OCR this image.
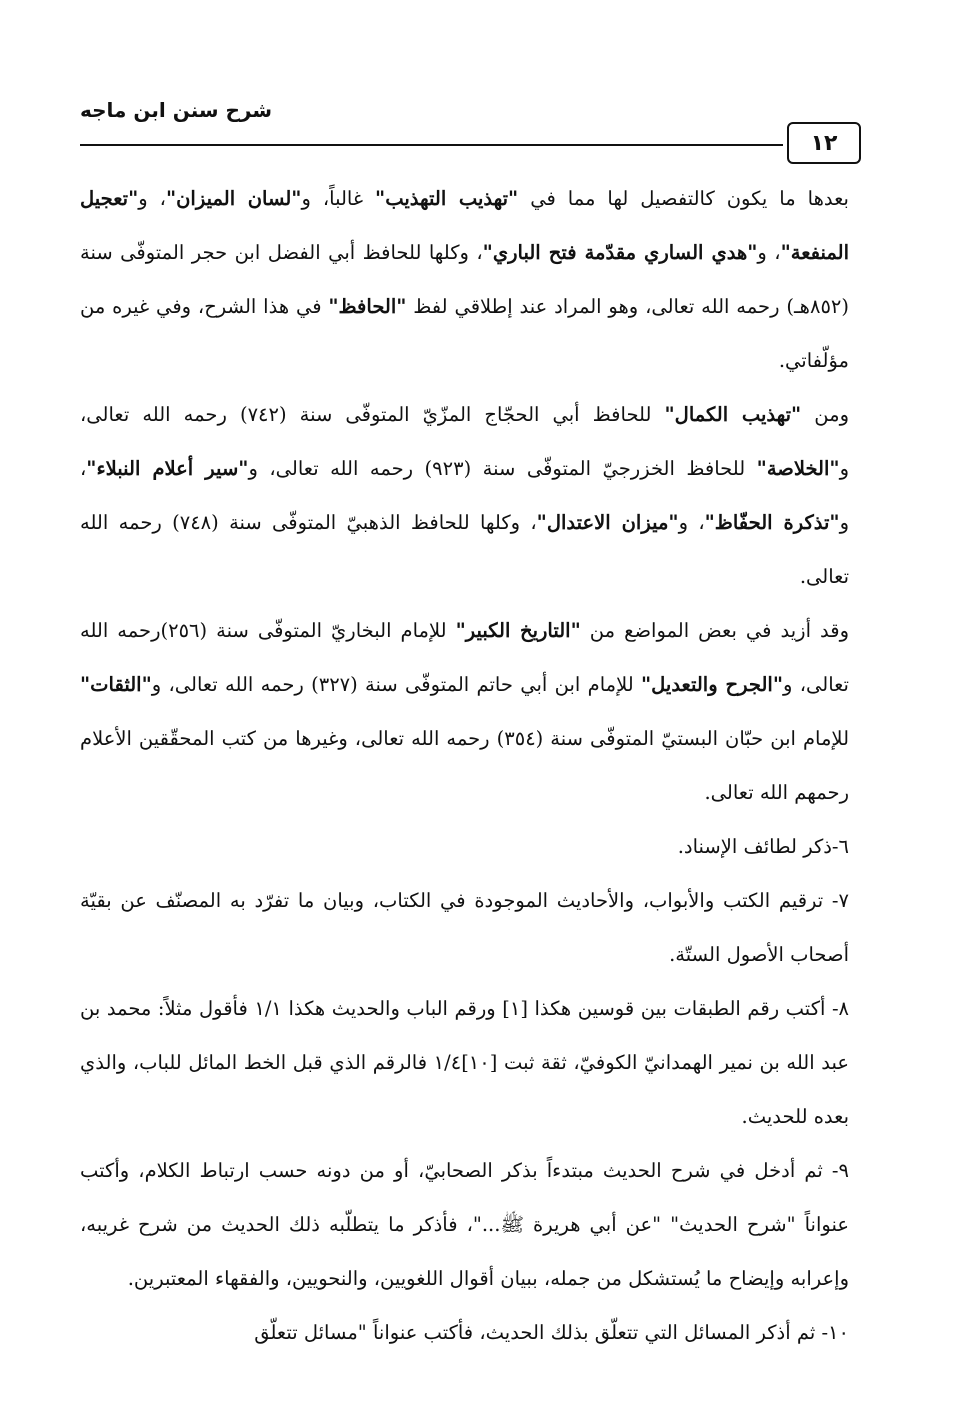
شرح سنن ابن ماجه
١٢

بعدها ما يكون كالتفصيل لها مما في "تهذيب التهذيب" غالباً، و"لسان الميزان"، و"تعجيل المنفعة"، و"هدي الساري مقدّمة فتح الباري"، وكلها للحافظ أبي الفضل ابن حجر المتوفّى سنة (٨٥٢هـ) رحمه الله تعالى، وهو المراد عند إطلاقي لفظ "الحافظ" في هذا الشرح، وفي غيره من مؤلّفاتي.

ومن "تهذيب الكمال" للحافظ أبي الحجّاج المزّيّ المتوفّى سنة (٧٤٢) رحمه الله تعالى، و"الخلاصة" للحافظ الخزرجيّ المتوفّى سنة (٩٢٣) رحمه الله تعالى، و"سير أعلام النبلاء"، و"تذكرة الحفّاظ"، و"ميزان الاعتدال"، وكلها للحافظ الذهبيّ المتوفّى سنة (٧٤٨) رحمه الله تعالى.

وقد أزيد في بعض المواضع من "التاريخ الكبير" للإمام البخاريّ المتوفّى سنة (٢٥٦)رحمه الله تعالى، و"الجرح والتعديل" للإمام ابن أبي حاتم المتوفّى سنة (٣٢٧) رحمه الله تعالى، و"الثقات" للإمام ابن حبّان البستيّ المتوفّى سنة (٣٥٤) رحمه الله تعالى، وغيرها من كتب المحقّقين الأعلام رحمهم الله تعالى.

٦-ذكر لطائف الإسناد.

٧- ترقيم الكتب والأبواب، والأحاديث الموجودة في الكتاب، وبيان ما تفرّد به المصنّف عن بقيّة أصحاب الأصول الستّة.

٨- أكتب رقم الطبقات بين قوسين هكذا [١] ورقم الباب والحديث هكذا ١/١ فأقول مثلاً: محمد بن عبد الله بن نمير الهمدانيّ الكوفيّ، ثقة ثبت [١٠]١/٤ فالرقم الذي قبل الخط المائل للباب، والذي بعده للحديث.

٩- ثم أدخل في شرح الحديث مبتدءاً بذكر الصحابيّ، أو من دونه حسب ارتباط الكلام، وأكتب عنواناً "شرح الحديث" "عن أبي هريرة ﷺ..."، فأذكر ما يتطلّبه ذلك الحديث من شرح غريبه، وإعرابه وإيضاح ما يُستشكل من جمله، ببيان أقوال اللغويين، والنحويين، والفقهاء المعتبرين.

١٠- ثم أذكر المسائل التي تتعلّق بذلك الحديث، فأكتب عنواناً "مسائل تتعلّق
